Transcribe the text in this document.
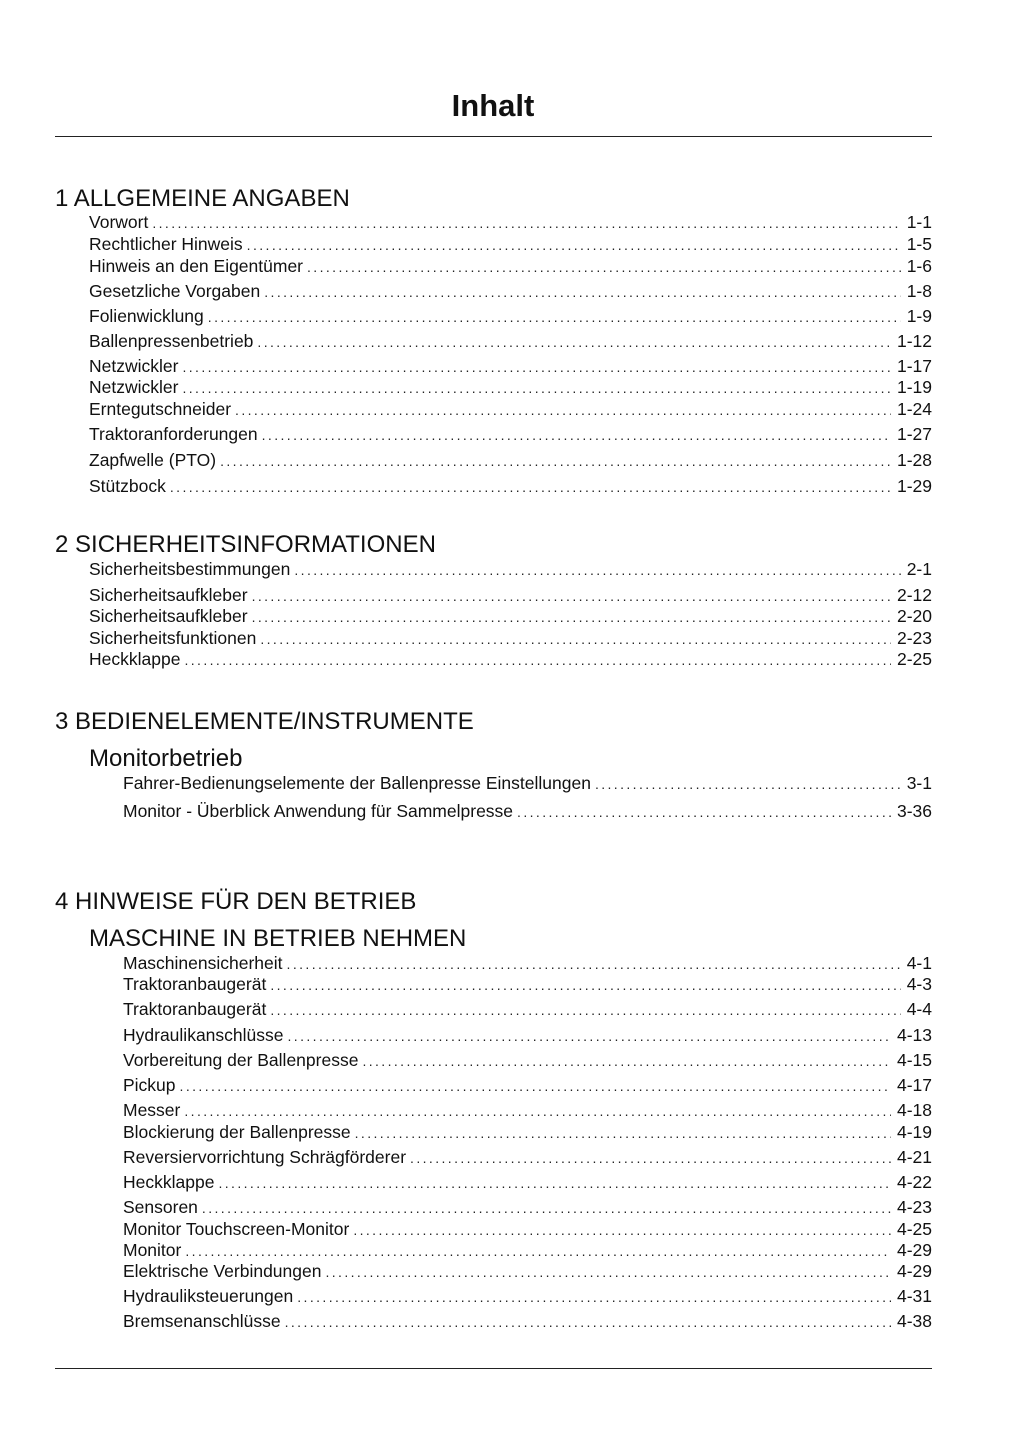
Inhalt
1 ALLGEMEINE ANGABEN
Vorwort .....	1-1
Rechtlicher Hinweis .....	1-5
Hinweis an den Eigentümer .....	1-6
Gesetzliche Vorgaben .....	1-8
Folienwicklung .....	1-9
Ballenpressenbetrieb .....	1-12
Netzwickler .....	1-17
Netzwickler .....	1-19
Erntegutschneider .....	1-24
Traktoranforderungen .....	1-27
Zapfwelle (PTO) .....	1-28
Stützbock .....	1-29
2 SICHERHEITSINFORMATIONEN
Sicherheitsbestimmungen .....	2-1
Sicherheitsaufkleber .....	2-12
Sicherheitsaufkleber .....	2-20
Sicherheitsfunktionen .....	2-23
Heckklappe .....	2-25
3 BEDIENELEMENTE/INSTRUMENTE
Monitorbetrieb
Fahrer-Bedienungselemente der Ballenpresse Einstellungen .....	3-1
Monitor - Überblick Anwendung für Sammelpresse .....	3-36
4 HINWEISE FÜR DEN BETRIEB
MASCHINE IN BETRIEB NEHMEN
Maschinensicherheit .....	4-1
Traktoranbaugerät .....	4-3
Traktoranbaugerät .....	4-4
Hydraulikanschlüsse .....	4-13
Vorbereitung der Ballenpresse .....	4-15
Pickup .....	4-17
Messer .....	4-18
Blockierung der Ballenpresse .....	4-19
Reversiervorrichtung Schrägförderer .....	4-21
Heckklappe .....	4-22
Sensoren .....	4-23
Monitor Touchscreen-Monitor .....	4-25
Monitor .....	4-29
Elektrische Verbindungen .....	4-29
Hydrauliksteuerungen .....	4-31
Bremsenanschlüsse .....	4-38
